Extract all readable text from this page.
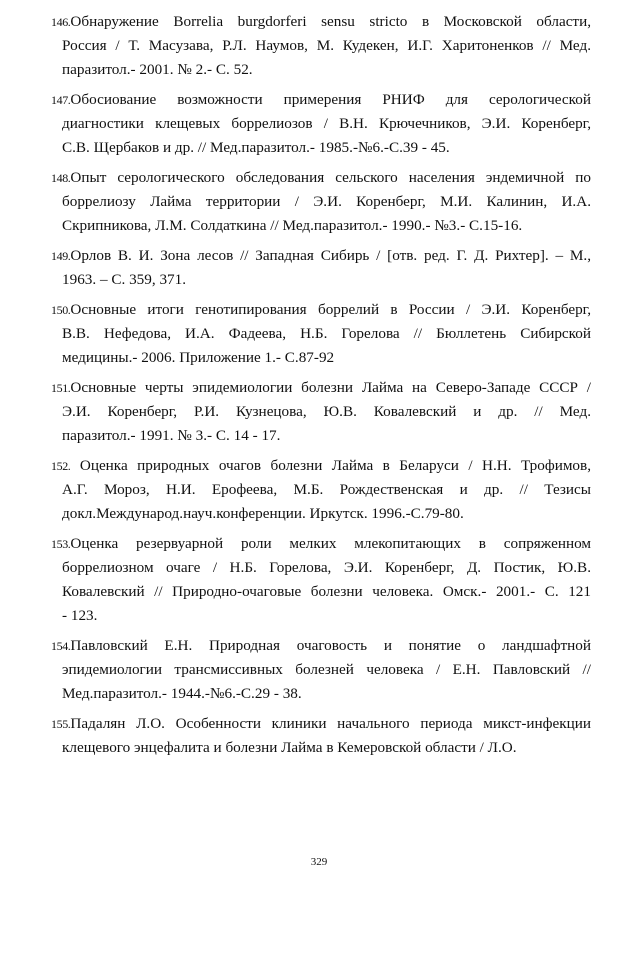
146.Обнаружение Borrelia burgdorferi sensu stricto в Московской области,
Россия / Т. Масузава, Р.Л. Наумов, М. Кудекен, И.Г. Харитоненков // Мед.
паразитол.- 2001. № 2.- С. 52.
147.Обосиование возможности примерения РНИФ для серологической
диагностики клещевых боррелиозов / В.Н. Крючечников, Э.И. Коренберг,
С.В. Щербаков и др. // Мед.паразитол.- 1985.-№6.-С.39 - 45.
148.Опыт серологического обследования сельского населения эндемичной по
боррелиозу Лайма территории / Э.И. Коренберг, М.И. Калинин, И.А.
Скрипникова, Л.М. Солдаткина // Мед.паразитол.- 1990.- №3.- С.15-16.
149.Орлов В. И. Зона лесов // Западная Сибирь / [отв. ред. Г. Д. Рихтер]. – М.,
1963. – С. 359, 371.
150.Основные итоги генотипирования боррелий в России / Э.И. Коренберг,
В.В. Нефедова, И.А. Фадеева, Н.Б. Горелова // Бюллетень Сибирской
медицины.- 2006. Приложение 1.- С.87-92
151.Основные черты эпидемиологии болезни Лайма на Северо-Западе СССР /
Э.И. Коренберг, Р.И. Кузнецова, Ю.В. Ковалевский и др. // Мед.
паразитол.- 1991. № 3.- С. 14 - 17.
152. Оценка природных очагов болезни Лайма в Беларуси / Н.Н. Трофимов,
А.Г. Мороз, Н.И. Ерофеева, М.Б. Рождественская и др. // Тезисы
докл.Международ.науч.конференции. Иркутск. 1996.-С.79-80.
153.Оценка резервуарной роли мелких млекопитающих в сопряженном
боррелиозном очаге / Н.Б. Горелова, Э.И. Коренберг, Д. Постик, Ю.В.
Ковалевский // Природно-очаговые болезни человека. Омск.- 2001.- С. 121
- 123.
154.Павловский Е.Н. Природная очаговость и понятие о ландшафтной
эпидемиологии трансмиссивных болезней человека / Е.Н. Павловский //
Мед.паразитол.- 1944.-№6.-С.29 - 38.
155.Падалян Л.О. Особенности клиники начального периода микст-инфекции
клещевого энцефалита и болезни Лайма в Кемеровской области / Л.О.
329
